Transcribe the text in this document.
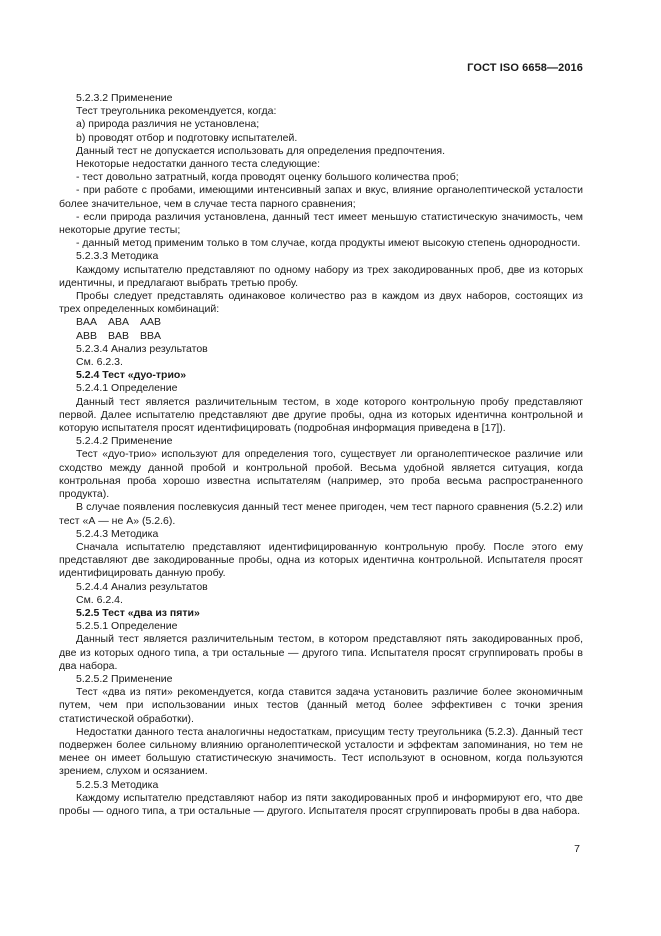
ГОСТ ISO 6658—2016

5.2.3.2 Применение

Тест треугольника рекомендуется, когда:

a) природа различия не установлена;

b) проводят отбор и подготовку испытателей.

Данный тест не допускается использовать для определения предпочтения.

Некоторые недостатки данного теста следующие:

- тест довольно затратный, когда проводят оценку большого количества проб;

- при работе с пробами, имеющими интенсивный запах и вкус, влияние органолептической усталости более значительное, чем в случае теста парного сравнения;

- если природа различия установлена, данный тест имеет меньшую статистическую значимость, чем некоторые другие тесты;

- данный метод применим только в том случае, когда продукты имеют высокую степень однородности.

5.2.3.3 Методика

Каждому испытателю представляют по одному набору из трех закодированных проб, две из которых идентичны, и предлагают выбрать третью пробу.

Пробы следует представлять одинаковое количество раз в каждом из двух наборов, состоящих из трех определенных комбинаций:

BAA ABA AAB

ABB BAB BBA

5.2.3.4 Анализ результатов

См. 6.2.3.

5.2.4 Тест «дуо-трио»

5.2.4.1 Определение

Данный тест является различительным тестом, в ходе которого контрольную пробу представляют первой. Далее испытателю представляют две другие пробы, одна из которых идентична контрольной и которую испытателя просят идентифицировать (подробная информация приведена в [17]).

5.2.4.2 Применение

Тест «дуо-трио» используют для определения того, существует ли органолептическое различие или сходство между данной пробой и контрольной пробой. Весьма удобной является ситуация, когда контрольная проба хорошо известна испытателям (например, это проба весьма распространенного продукта).

В случае появления послевкусия данный тест менее пригоден, чем тест парного сравнения (5.2.2) или тест «А — не А» (5.2.6).

5.2.4.3 Методика

Сначала испытателю представляют идентифицированную контрольную пробу. После этого ему представляют две закодированные пробы, одна из которых идентична контрольной. Испытателя просят идентифицировать данную пробу.

5.2.4.4 Анализ результатов

См. 6.2.4.

5.2.5 Тест «два из пяти»

5.2.5.1 Определение

Данный тест является различительным тестом, в котором представляют пять закодированных проб, две из которых одного типа, а три остальные — другого типа. Испытателя просят сгруппировать пробы в два набора.

5.2.5.2 Применение

Тест «два из пяти» рекомендуется, когда ставится задача установить различие более экономичным путем, чем при использовании иных тестов (данный метод более эффективен с точки зрения статистической обработки).

Недостатки данного теста аналогичны недостаткам, присущим тесту треугольника (5.2.3). Данный тест подвержен более сильному влиянию органолептической усталости и эффектам запоминания, но тем не менее он имеет большую статистическую значимость. Тест используют в основном, когда пользуются зрением, слухом и осязанием.

5.2.5.3 Методика

Каждому испытателю представляют набор из пяти закодированных проб и информируют его, что две пробы — одного типа, а три остальные — другого. Испытателя просят сгруппировать пробы в два набора.

7
